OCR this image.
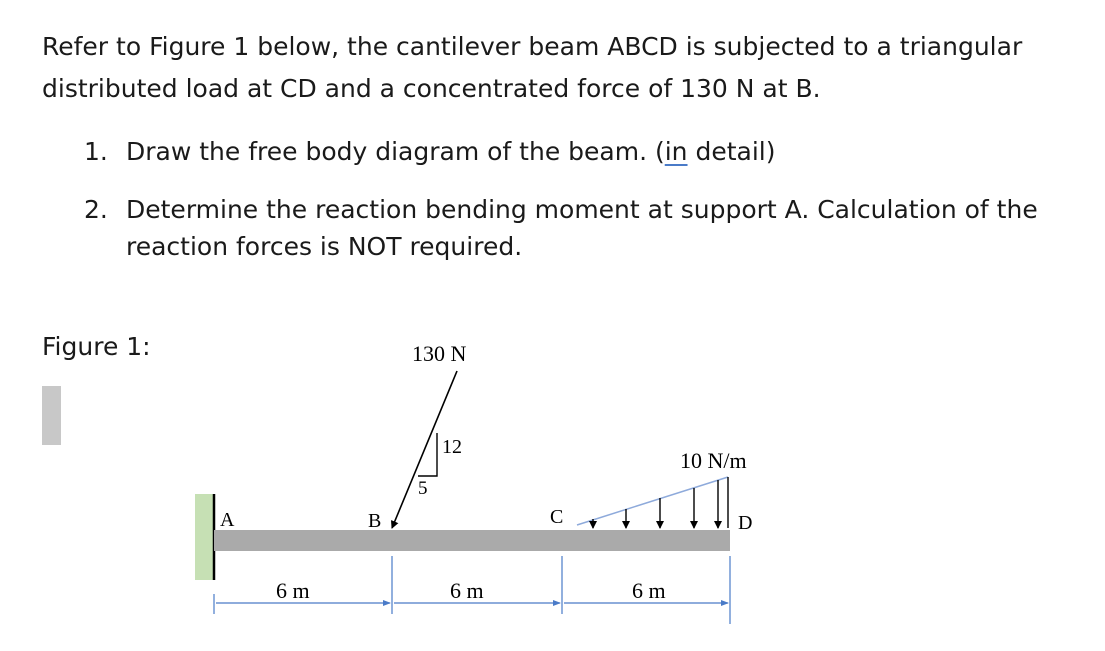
Refer to Figure 1 below, the cantilever beam ABCD is subjected to a triangular
distributed load at CD and a concentrated force of 130 N at B.
1. Draw the free body diagram of the beam. (in detail)
2. Determine the reaction bending moment at support A. Calculation of the
reaction forces is NOT required.
Figure 1:
A	B	C	D
130 N
12
5
10 N/m
6 m	6 m	6 m
